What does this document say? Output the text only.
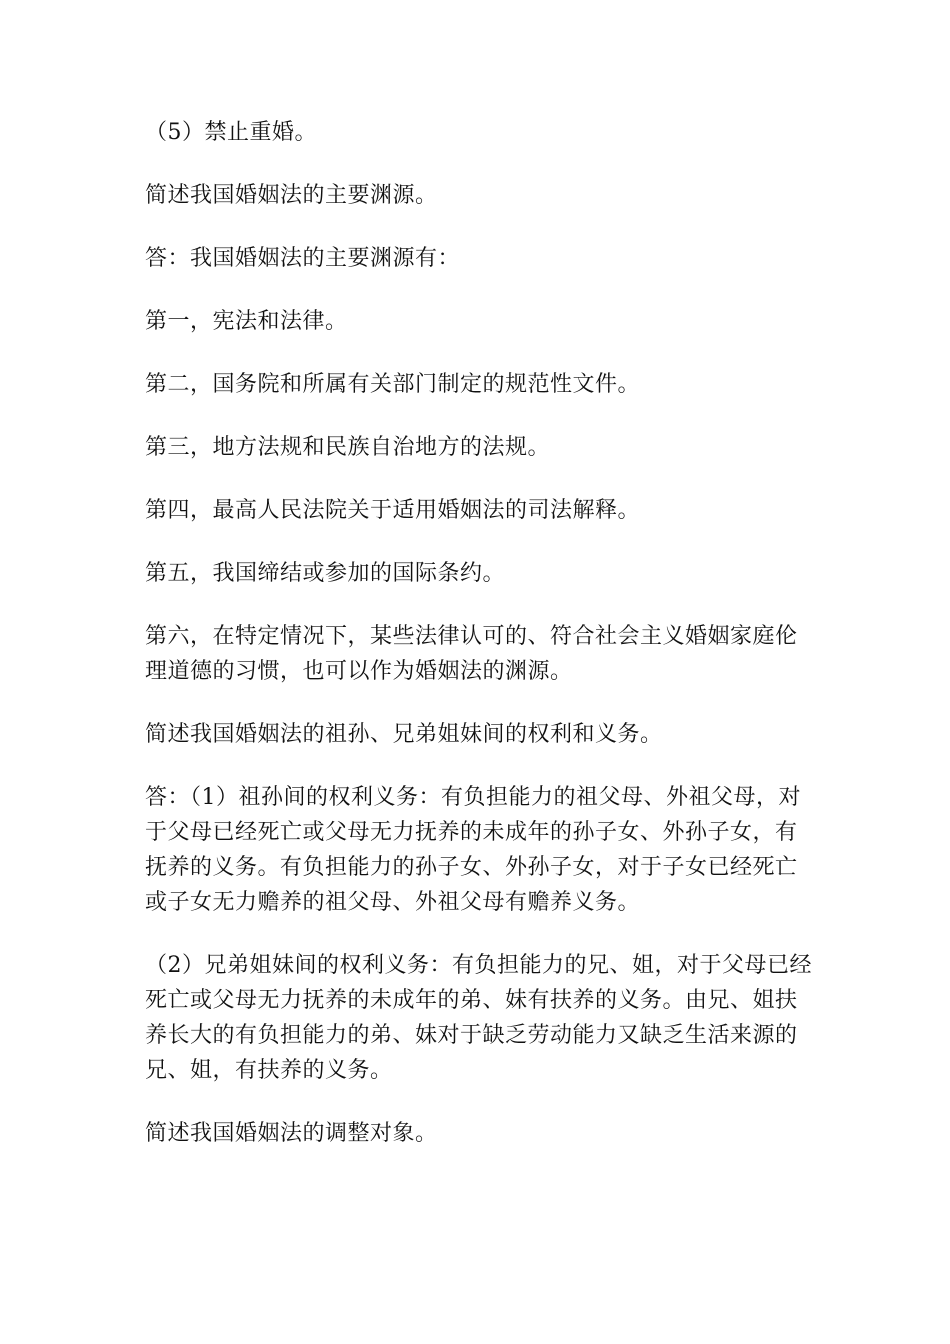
（5）禁止重婚。

简述我国婚姻法的主要渊源。

答：我国婚姻法的主要渊源有：

第一，宪法和法律。

第二，国务院和所属有关部门制定的规范性文件。

第三，地方法规和民族自治地方的法规。

第四，最高人民法院关于适用婚姻法的司法解释。

第五，我国缔结或参加的国际条约。

第六，在特定情况下，某些法律认可的、符合社会主义婚姻家庭伦理道德的习惯，也可以作为婚姻法的渊源。

简述我国婚姻法的祖孙、兄弟姐妹间的权利和义务。

答：（1）祖孙间的权利义务：有负担能力的祖父母、外祖父母，对于父母已经死亡或父母无力抚养的未成年的孙子女、外孙子女，有抚养的义务。有负担能力的孙子女、外孙子女，对于子女已经死亡或子女无力赡养的祖父母、外祖父母有赡养义务。

（2）兄弟姐妹间的权利义务：有负担能力的兄、姐，对于父母已经死亡或父母无力抚养的未成年的弟、妹有扶养的义务。由兄、姐扶养长大的有负担能力的弟、妹对于缺乏劳动能力又缺乏生活来源的兄、姐，有扶养的义务。

简述我国婚姻法的调整对象。
